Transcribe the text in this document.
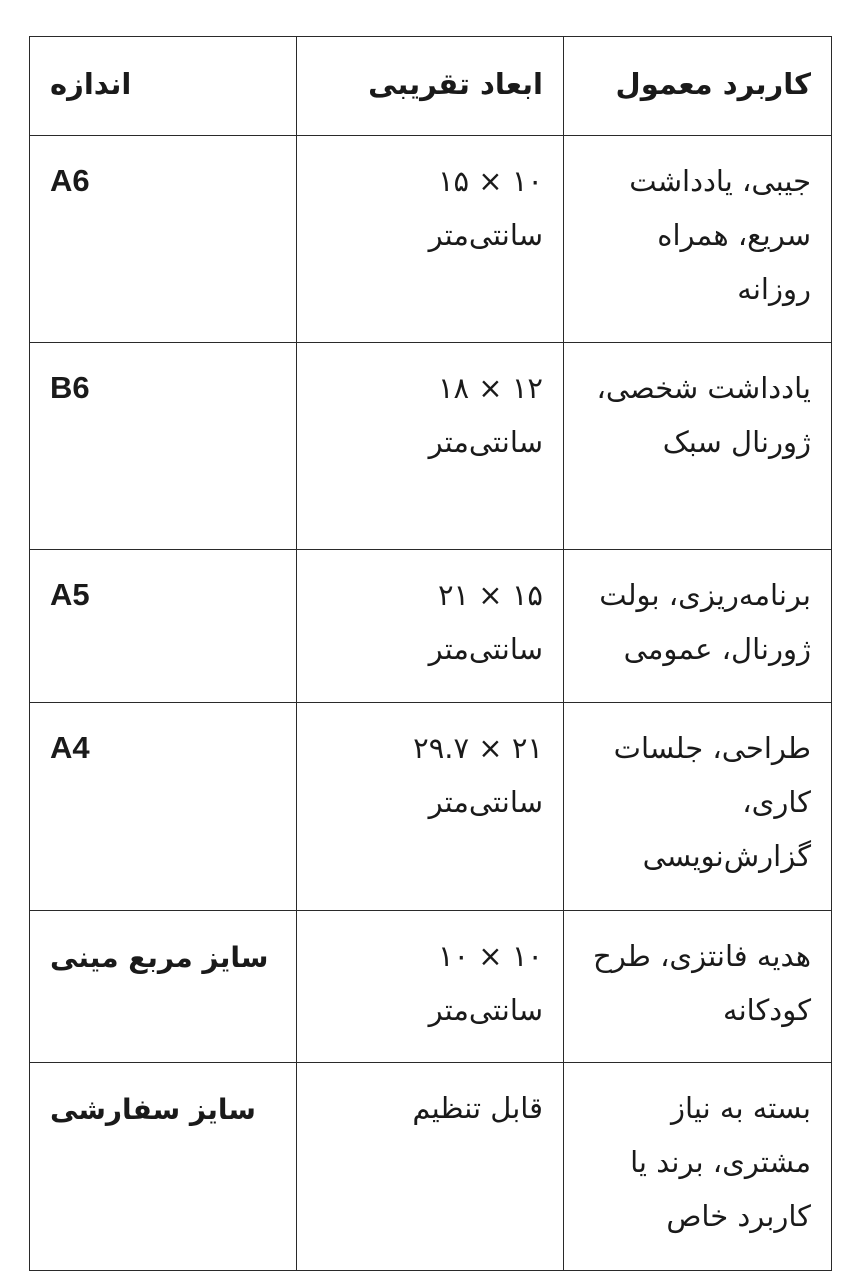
کاربرد معمول	ابعاد تقریبی	اندازه
جیبی، یادداشت سریع، همراه روزانه	۱۰ × ۱۵ سانتی‌متر	A6
یادداشت شخصی، ژورنال سبک	۱۲ × ۱۸ سانتی‌متر	B6
برنامه‌ریزی، بولت ژورنال، عمومی	۱۵ × ۲۱ سانتی‌متر	A5
طراحی، جلسات کاری، گزارش‌نویسی	۲۱ × ۲۹.۷ سانتی‌متر	A4
هدیه فانتزی، طرح کودکانه	۱۰ × ۱۰ سانتی‌متر	سایز مربع مینی
بسته به نیاز مشتری، برند یا کاربرد خاص	قابل تنظیم	سایز سفارشی
